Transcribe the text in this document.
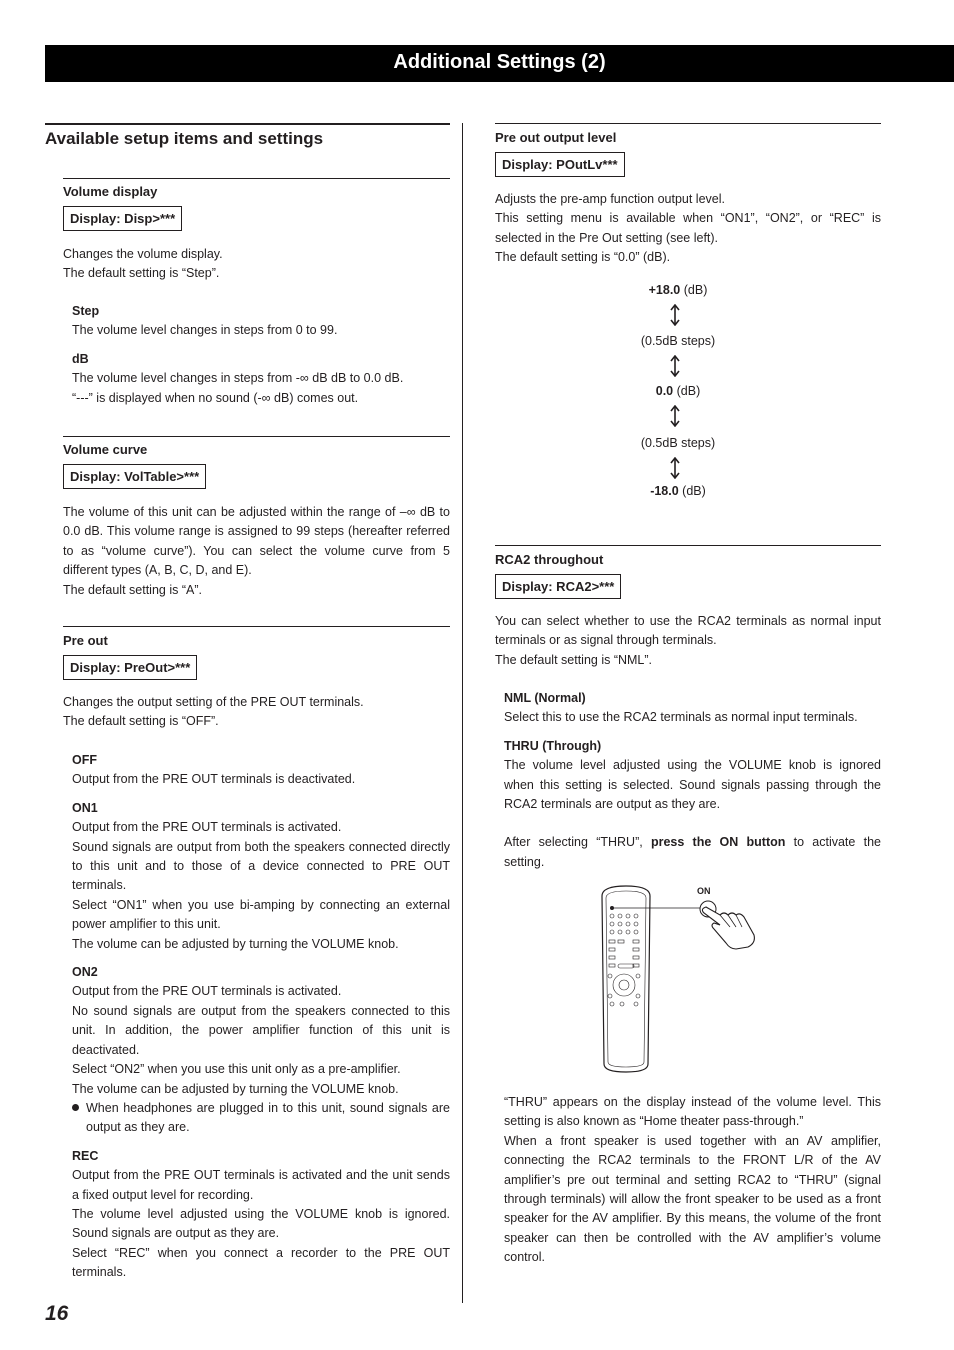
Additional Settings (2)
Available setup items and settings
Volume display
Display: Disp>***

Changes the volume display.

The default setting is “Step”.

Step

The volume level changes in steps from 0 to 99.

dB

The volume level changes in steps from -∞ dB dB to 0.0 dB.

“---” is displayed when no sound (-∞ dB) comes out.

Volume curve
Display: VolTable>***

The volume of this unit can be adjusted within the range of –∞ dB to 0.0 dB. This volume range is assigned to 99 steps (hereafter referred to as “volume curve”). You can select the volume curve from 5 different types (A, B, C, D, and E).

The default setting is “A”.

Pre out
Display: PreOut>***

Changes the output setting of the PRE OUT terminals.

The default setting is “OFF”.

OFF

Output from the PRE OUT terminals is deactivated.

ON1

Output from the PRE OUT terminals is activated.

Sound signals are output from both the speakers connected directly to this unit and to those of a device connected to PRE OUT terminals.

Select “ON1” when you use bi-amping by connecting an external power amplifier to this unit.

The volume can be adjusted by turning the VOLUME knob.

ON2

Output from the PRE OUT terminals is activated.

No sound signals are output from the speakers connected to this unit. In addition, the power amplifier function of this unit is deactivated.

Select “ON2” when you use this unit only as a pre-amplifier.

The volume can be adjusted by turning the VOLUME knob.

When headphones are plugged in to this unit, sound signals are output as they are.

REC

Output from the PRE OUT terminals is activated and the unit sends a fixed output level for recording.

The volume level adjusted using the VOLUME knob is ignored. Sound signals are output as they are.

Select “REC” when you connect a recorder to the PRE OUT terminals.

Pre out output level
Display: POutLv***

Adjusts the pre-amp function output level.

This setting menu is available when “ON1”, “ON2”, or “REC” is selected in the Pre Out setting (see left).

The default setting is “0.0” (dB).

+18.0 (dB)
(0.5dB steps)
0.0 (dB)
(0.5dB steps)
-18.0 (dB)
RCA2 throughout
Display: RCA2>***

You can select whether to use the RCA2 terminals as normal input terminals or as signal through terminals.

The default setting is “NML”.

NML (Normal)

Select this to use the RCA2 terminals as normal input terminals.

THRU (Through)

The volume level adjusted using the VOLUME knob is ignored when this setting is selected. Sound signals passing through the RCA2 terminals are output as they are.

After selecting “THRU”, press the ON button to activate the setting.

ON

“THRU” appears on the display instead of the volume level. This setting is also known as “Home theater pass-through.”

When a front speaker is used together with an AV amplifier, connecting the RCA2 terminals to the FRONT L/R of the AV amplifier’s pre out terminal and setting RCA2 to “THRU” (signal through terminals) will allow the front speaker to be used as a front speaker for the AV amplifier. By this means, the volume of the front speaker can then be controlled with the AV amplifier’s volume control.

16
